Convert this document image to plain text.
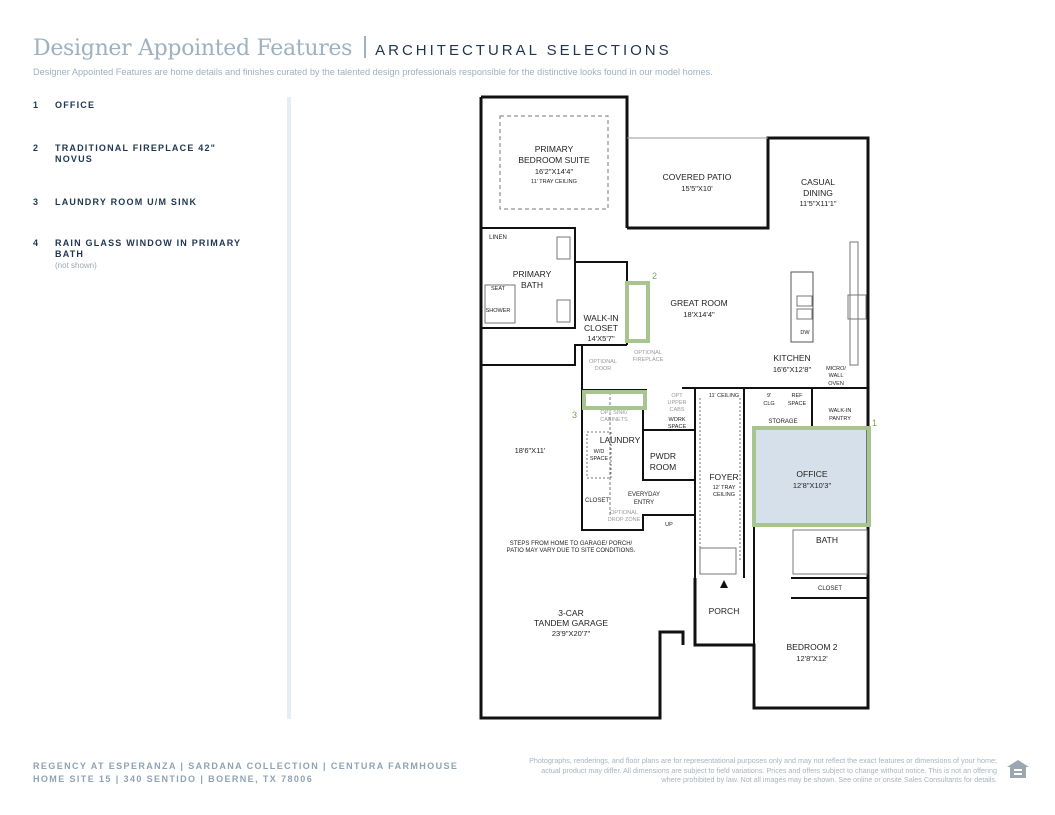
Designer Appointed Features ARCHITECTURAL SELECTIONS
Designer Appointed Features are home details and finishes curated by the talented design professionals responsible for the distinctive looks found in our model homes.
1	OFFICE
2	TRADITIONAL FIREPLACE 42" NOVUS
3	LAUNDRY ROOM U/M SINK
4	RAIN GLASS WINDOW IN PRIMARY BATH
(not shown)
2
3
1
PRIMARY
BEDROOM SUITE
16'2"X14'4"
11' TRAY CEILING	COVERED PATIO
15'5"X10'
CASUAL
DINING
11'5"X11'1"
LINEN
PRIMARY
BATH
SEAT
SHOWER
WALK-IN
CLOSET
14'X5'7"
GREAT ROOM
18'X14'4"
OPTIONAL
FIREPLACE
OPTIONAL
DOOR
KITCHEN
16'6"X12'8"
DW
MICRO/
WALL
OVEN
OPT SINK/
CABINETS
OPT
UPPER
CABS
WORK
SPACE
11' CEILING	9'
CLG
REF
SPACE
WALK-IN
PANTRY
STORAGE
LAUNDRY
W/D
SPACE	PWDR
ROOM
OFFICE
12'8"X10'3"
18'6"X11'
CLOSET
EVERYDAY
ENTRY
OPTIONAL
DROP ZONE
UP
FOYER
12' TRAY
CEILING
BATH
CLOSET
STEPS FROM HOME TO GARAGE/ PORCH/
PATIO MAY VARY DUE TO SITE CONDITIONS.
3-CAR
TANDEM GARAGE
23'9"X20'7"
PORCH
BEDROOM 2
12'8"X12'
REGENCY AT ESPERANZA | SARDANA COLLECTION | CENTURA FARMHOUSE
HOME SITE 15 | 340 SENTIDO | BOERNE, TX 78006
Photographs, renderings, and floor plans are for representational purposes only and may not reflect the exact features or dimensions of your home; actual product may differ. All dimensions are subject to field variations. Prices and offers subject to change without notice. This is not an offering where prohibited by law. Not all images may be shown. See online or onsite Sales Consultants for details.
